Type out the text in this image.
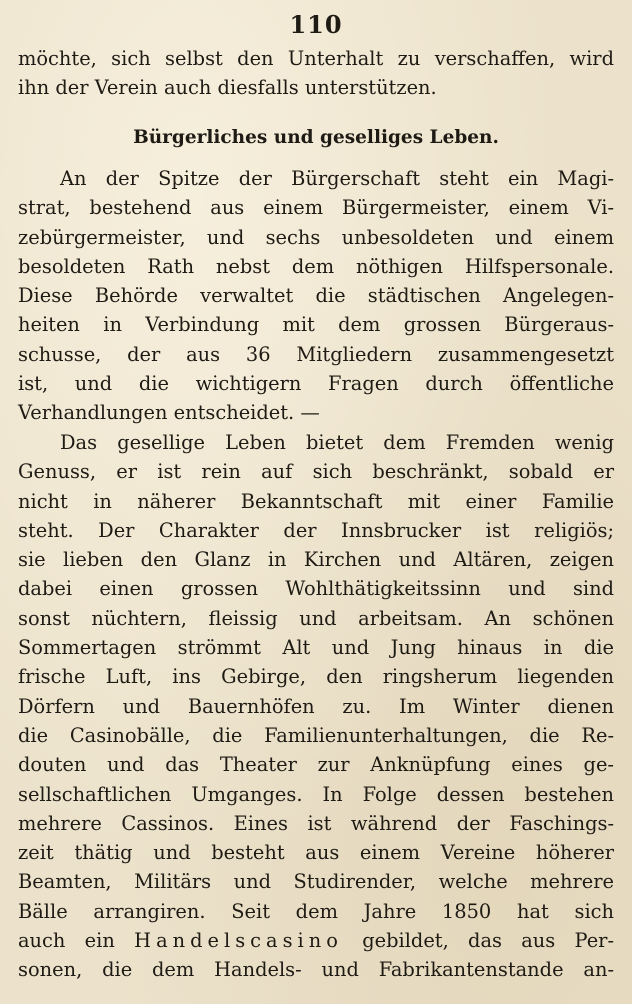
110
möchte, sich selbst den Unterhalt zu verschaffen, wird
ihn der Verein auch diesfalls unterstützen.
Bürgerliches und geselliges Leben.
An der Spitze der Bürgerschaft steht ein Magi-
strat, bestehend aus einem Bürgermeister, einem Vi-
zebürgermeister, und sechs unbesoldeten und einem
besoldeten Rath nebst dem nöthigen Hilfspersonale.
Diese Behörde verwaltet die städtischen Angelegen-
heiten in Verbindung mit dem grossen Bürgeraus-
schusse, der aus 36 Mitgliedern zusammengesetzt
ist, und die wichtigern Fragen durch öffentliche
Verhandlungen entscheidet. —
Das gesellige Leben bietet dem Fremden wenig
Genuss, er ist rein auf sich beschränkt, sobald er
nicht in näherer Bekanntschaft mit einer Familie
steht. Der Charakter der Innsbrucker ist religiös;
sie lieben den Glanz in Kirchen und Altären, zeigen
dabei einen grossen Wohlthätigkeitssinn und sind
sonst nüchtern, fleissig und arbeitsam. An schönen
Sommertagen strömmt Alt und Jung hinaus in die
frische Luft, ins Gebirge, den ringsherum liegenden
Dörfern und Bauernhöfen zu. Im Winter dienen
die Casinobälle, die Familienunterhaltungen, die Re-
douten und das Theater zur Anknüpfung eines ge-
sellschaftlichen Umganges. In Folge dessen bestehen
mehrere Cassinos. Eines ist während der Faschings-
zeit thätig und besteht aus einem Vereine höherer
Beamten, Militärs und Studirender, welche mehrere
Bälle arrangiren. Seit dem Jahre 1850 hat sich
auch ein Handelscasino gebildet, das aus Per-
sonen, die dem Handels- und Fabrikantenstande an-
